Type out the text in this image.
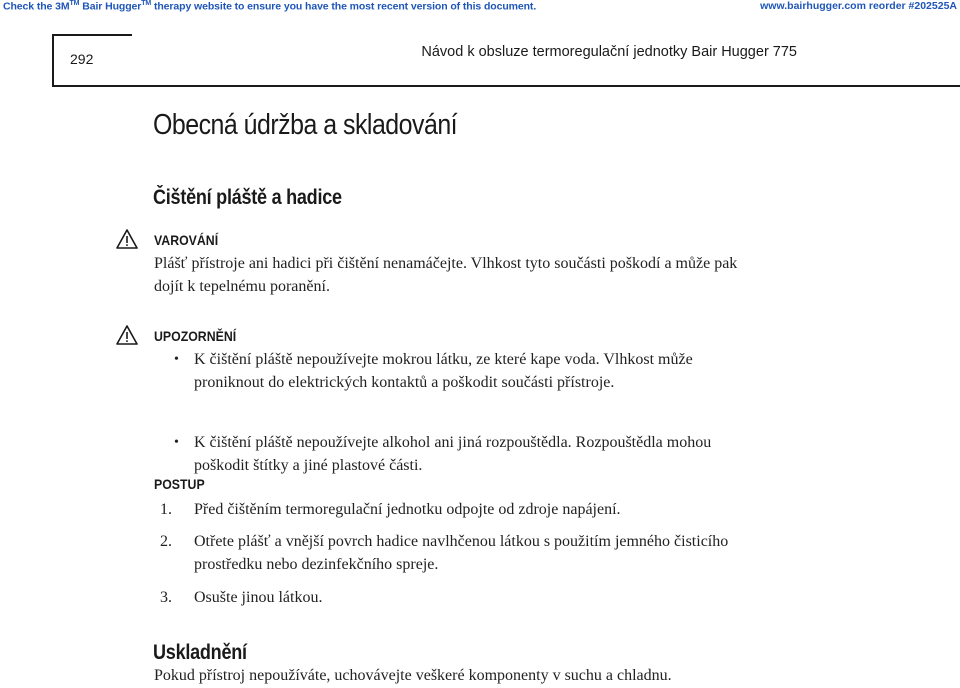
Check the 3M™ Bair Hugger™ therapy website to ensure you have the most recent version of this document.	www.bairhugger.com reorder #202525A
292	Návod k obsluze termoregulační jednotky Bair Hugger 775
Obecná údržba a skladování
Čištění pláště a hadice
VAROVÁNÍ
Plášť přístroje ani hadici při čištění nenamáčejte. Vlhkost tyto součásti poškodí a může pak
dojít k tepelnému poranění.
UPOZORNĚNÍ
• K čištění pláště nepoužívejte mokrou látku, ze které kape voda. Vlhkost může
proniknout do elektrických kontaktů a poškodit součásti přístroje.
• K čištění pláště nepoužívejte alkohol ani jiná rozpouštědla. Rozpouštědla mohou
poškodit štítky a jiné plastové části.
POSTUP
1. Před čištěním termoregulační jednotku odpojte od zdroje napájení.
2. Otřete plášť a vnější povrch hadice navlhčenou látkou s použitím jemného čisticího
prostředku nebo dezinfekčního spreje.
3. Osušte jinou látkou.
Uskladnění
Pokud přístroj nepoužíváte, uchovávejte veškeré komponenty v suchu a chladnu.
